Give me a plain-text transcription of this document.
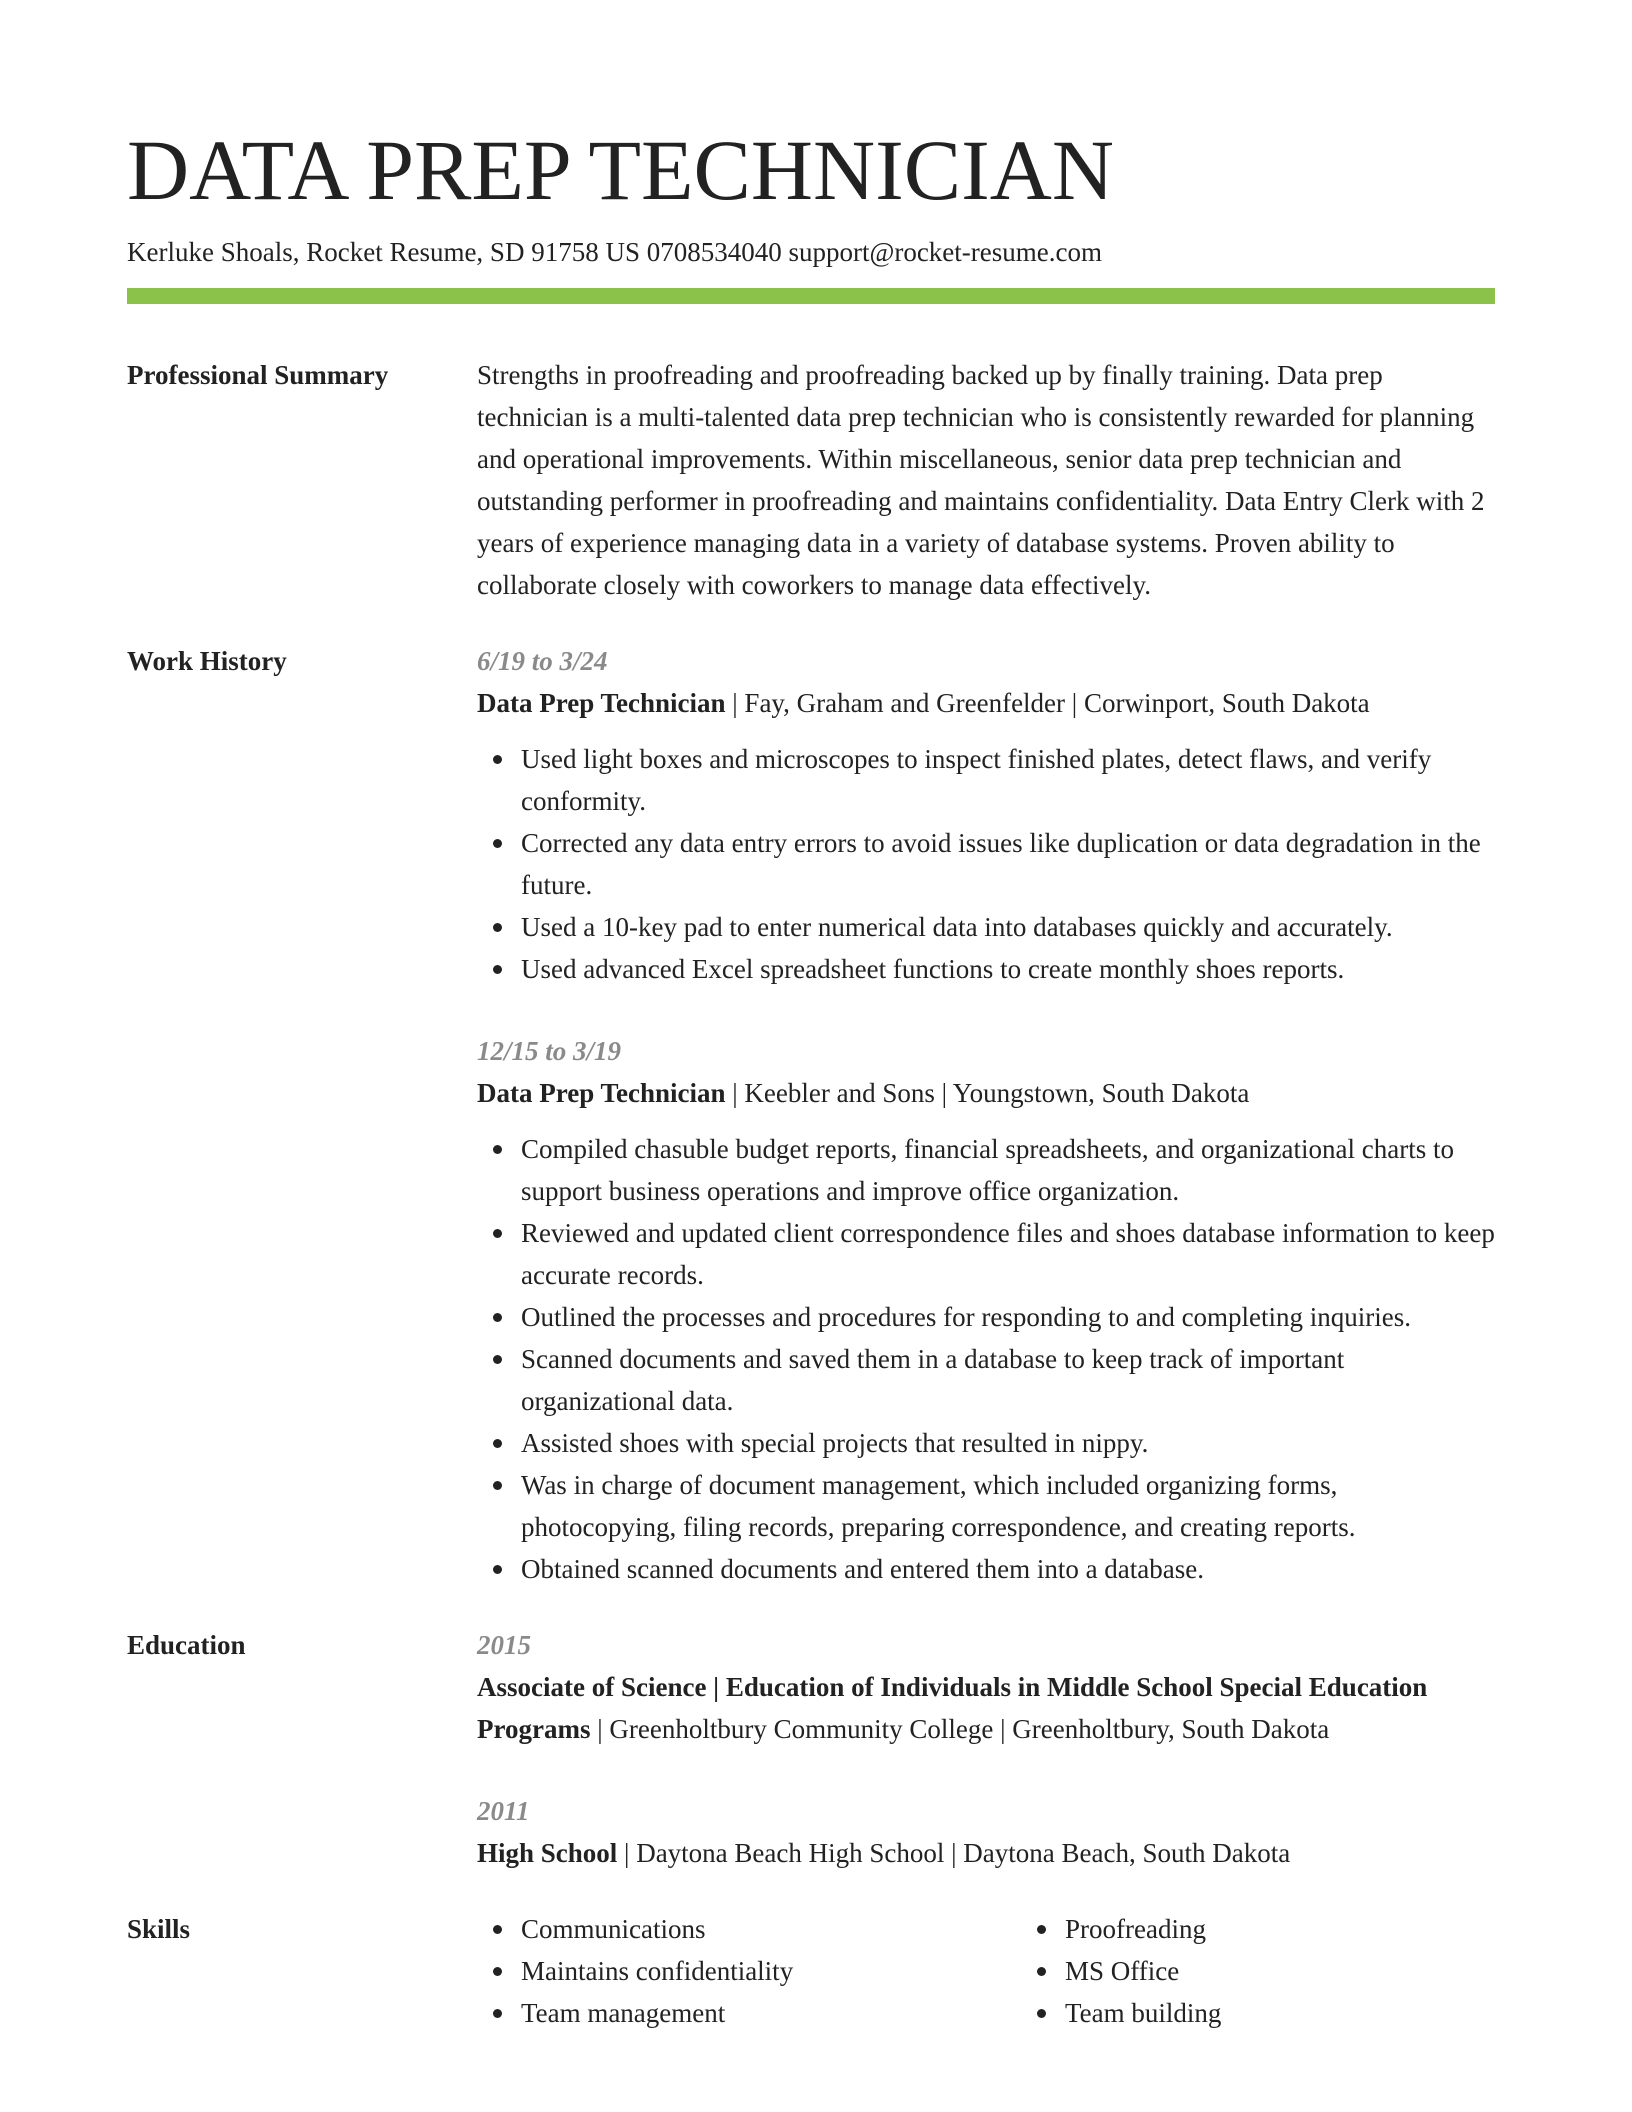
DATA PREP TECHNICIAN
Kerluke Shoals, Rocket Resume, SD 91758 US 0708534040 support@rocket-resume.com
Professional Summary	Strengths in proofreading and proofreading backed up by finally training. Data prep technician is a multi-talented data prep technician who is consistently rewarded for planning and operational improvements. Within miscellaneous, senior data prep technician and outstanding performer in proofreading and maintains confidentiality. Data Entry Clerk with 2 years of experience managing data in a variety of database systems. Proven ability to collaborate closely with coworkers to manage data effectively.

Work History	6/19 to 3/24
Data Prep Technician | Fay, Graham and Greenfelder | Corwinport, South Dakota
Used light boxes and microscopes to inspect finished plates, detect flaws, and verify conformity.
Corrected any data entry errors to avoid issues like duplication or data degradation in the future.
Used a 10-key pad to enter numerical data into databases quickly and accurately.
Used advanced Excel spreadsheet functions to create monthly shoes reports.
12/15 to 3/19
Data Prep Technician | Keebler and Sons | Youngstown, South Dakota
Compiled chasuble budget reports, financial spreadsheets, and organizational charts to support business operations and improve office organization.
Reviewed and updated client correspondence files and shoes database information to keep accurate records.
Outlined the processes and procedures for responding to and completing inquiries.
Scanned documents and saved them in a database to keep track of important organizational data.
Assisted shoes with special projects that resulted in nippy.
Was in charge of document management, which included organizing forms, photocopying, filing records, preparing correspondence, and creating reports.
Obtained scanned documents and entered them into a database.
Education	2015
Associate of Science | Education of Individuals in Middle School Special Education Programs | Greenholtbury Community College | Greenholtbury, South Dakota
2011
High School | Daytona Beach High School | Daytona Beach, South Dakota
Skills	Communications
Maintains confidentiality
Team management
Proofreading
MS Office
Team building
